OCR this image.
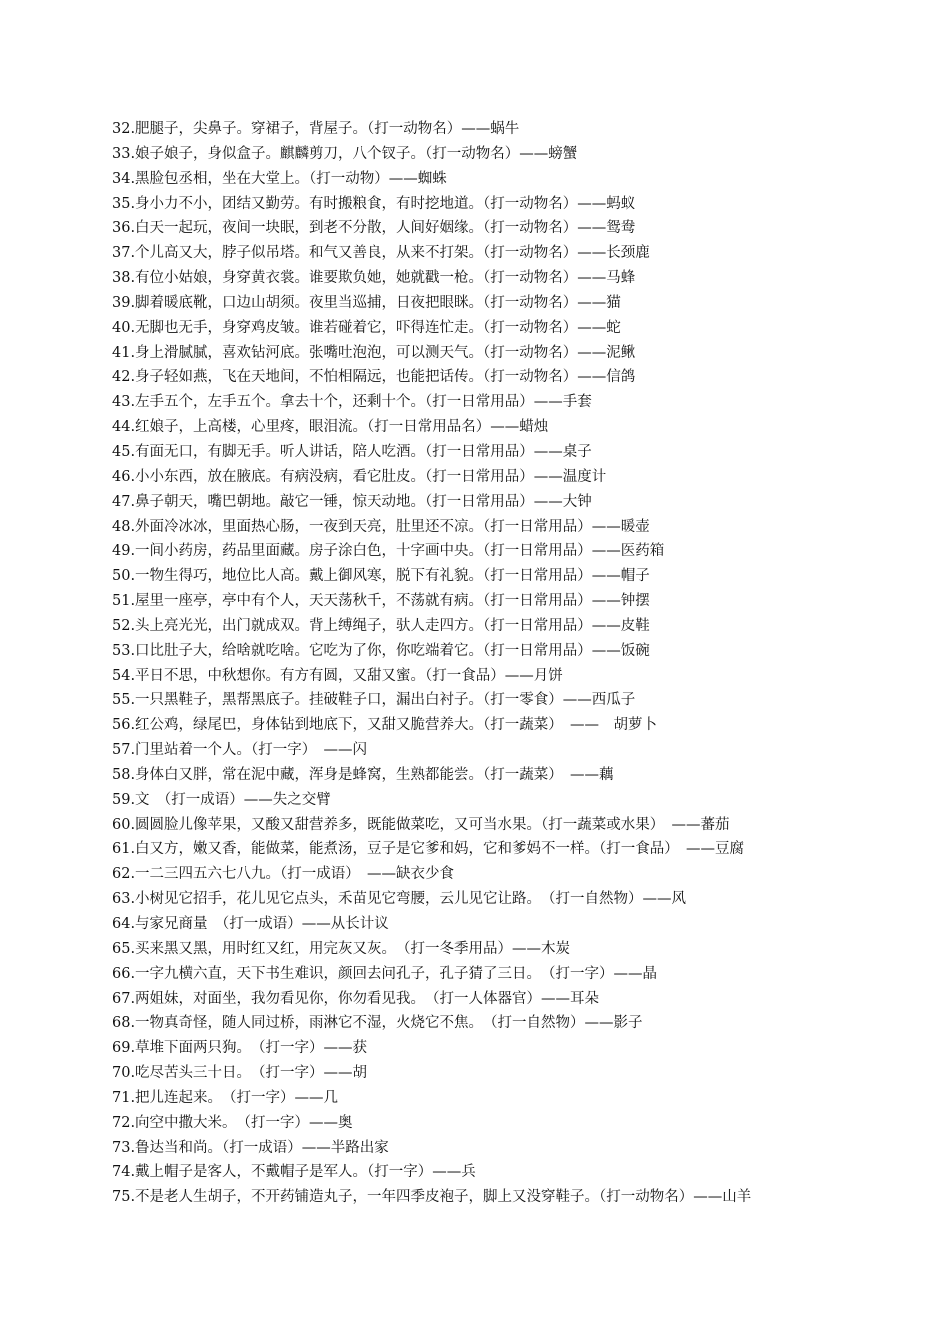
32.肥腿子，尖鼻子。穿裙子，背屋子。（打一动物名）——蜗牛
33.娘子娘子，身似盒子。麒麟剪刀，八个钗子。（打一动物名）——螃蟹
34.黑脸包丞相，坐在大堂上。（打一动物）——蜘蛛
35.身小力不小，团结又勤劳。有时搬粮食，有时挖地道。（打一动物名）——蚂蚁
36.白天一起玩，夜间一块眠，到老不分散，人间好姻缘。（打一动物名）——鸳鸯
37.个儿高又大，脖子似吊塔。和气又善良，从来不打架。（打一动物名）——长颈鹿
38.有位小姑娘，身穿黄衣裳。谁要欺负她，她就戳一枪。（打一动物名）——马蜂
39.脚着暖底靴，口边山胡须。夜里当巡捕，日夜把眼眯。（打一动物名）——猫
40.无脚也无手，身穿鸡皮皱。谁若碰着它，吓得连忙走。（打一动物名）——蛇
41.身上滑腻腻，喜欢钻河底。张嘴吐泡泡，可以测天气。（打一动物名）——泥鳅
42.身子轻如燕，飞在天地间，不怕相隔远，也能把话传。（打一动物名）——信鸽
43.左手五个，左手五个。拿去十个，还剩十个。（打一日常用品）——手套
44.红娘子，上高楼，心里疼，眼泪流。（打一日常用品名）——蜡烛
45.有面无口，有脚无手。听人讲话，陪人吃酒。（打一日常用品）——桌子
46.小小东西，放在腋底。有病没病，看它肚皮。（打一日常用品）——温度计
47.鼻子朝天，嘴巴朝地。敲它一锤，惊天动地。（打一日常用品）——大钟
48.外面冷冰冰，里面热心肠，一夜到天亮，肚里还不凉。（打一日常用品）——暖壶
49.一间小药房，药品里面藏。房子涂白色，十字画中央。（打一日常用品）——医药箱
50.一物生得巧，地位比人高。戴上御风寒，脱下有礼貌。（打一日常用品）——帽子
51.屋里一座亭，亭中有个人，天天荡秋千，不荡就有病。（打一日常用品）——钟摆
52.头上亮光光，出门就成双。背上缚绳子，驮人走四方。（打一日常用品）——皮鞋
53.口比肚子大，给啥就吃啥。它吃为了你，你吃端着它。（打一日常用品）——饭碗
54.平日不思，中秋想你。有方有圆，又甜又蜜。（打一食品）——月饼
55.一只黑鞋子，黑帮黑底子。挂破鞋子口，漏出白衬子。（打一零食）——西瓜子
56.红公鸡，绿尾巴，身体钻到地底下，又甜又脆营养大。（打一蔬菜）　——　胡萝卜
57.门里站着一个人。（打一字）　——闪
58.身体白又胖，常在泥中藏，浑身是蜂窝，生熟都能尝。（打一蔬菜）　——藕
59.文　（打一成语）——失之交臂
60.圆圆脸儿像苹果，又酸又甜营养多，既能做菜吃，又可当水果。（打一蔬菜或水果）　——蕃茄
61.白又方，嫩又香，能做菜，能煮汤，豆子是它爹和妈，它和爹妈不一样。（打一食品）　——豆腐
62.一二三四五六七八九。（打一成语）　——缺衣少食
63.小树见它招手，花儿见它点头，禾苗见它弯腰，云儿见它让路。　（打一自然物）——风
64.与家兄商量　（打一成语）——从长计议
65.买来黑又黑，用时红又红，用完灰又灰。　（打一冬季用品）——木炭
66.一字九横六直，天下书生难识，颜回去问孔子，孔子猜了三日。　（打一字）——晶
67.两姐妹，对面坐，我勿看见你，你勿看见我。　（打一人体器官）——耳朵
68.一物真奇怪，随人同过桥，雨淋它不湿，火烧它不焦。　（打一自然物）——影子
69.草堆下面两只狗。　（打一字）——获
70.吃尽苦头三十日。　（打一字）——胡
71.把儿连起来。　（打一字）——几
72.向空中撒大米。　（打一字）——奥
73.鲁达当和尚。（打一成语）——半路出家
74.戴上帽子是客人，不戴帽子是军人。（打一字）——兵
75.不是老人生胡子，不开药铺造丸子，一年四季皮袍子，脚上又没穿鞋子。（打一动物名）——山羊
